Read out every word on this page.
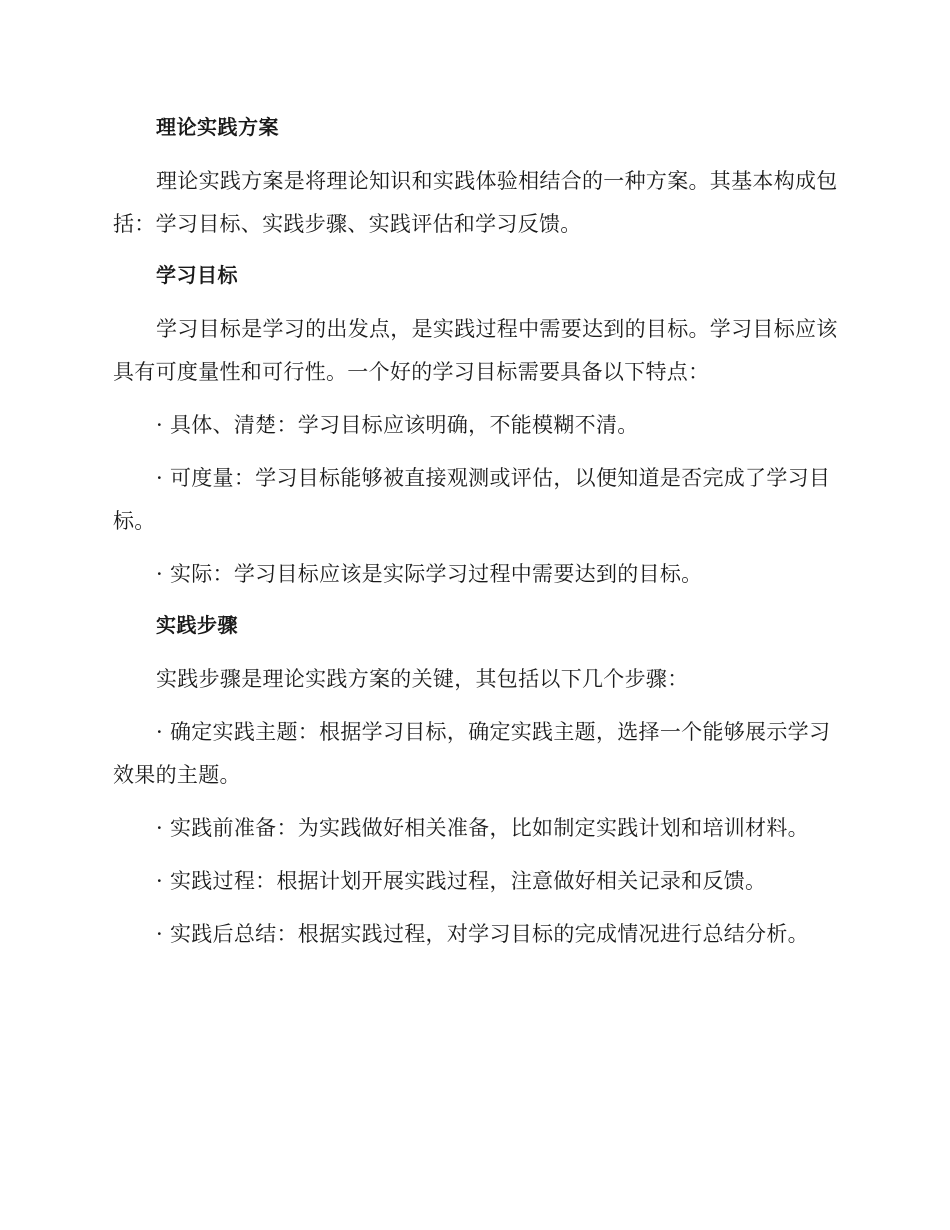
理论实践方案

理论实践方案是将理论知识和实践体验相结合的一种方案。其基本构成包括：学习目标、实践步骤、实践评估和学习反馈。

学习目标

学习目标是学习的出发点，是实践过程中需要达到的目标。学习目标应该具有可度量性和可行性。一个好的学习目标需要具备以下特点：

· 具体、清楚：学习目标应该明确，不能模糊不清。

· 可度量：学习目标能够被直接观测或评估，以便知道是否完成了学习目标。

· 实际：学习目标应该是实际学习过程中需要达到的目标。

实践步骤

实践步骤是理论实践方案的关键，其包括以下几个步骤：

· 确定实践主题：根据学习目标，确定实践主题，选择一个能够展示学习效果的主题。

· 实践前准备：为实践做好相关准备，比如制定实践计划和培训材料。

· 实践过程：根据计划开展实践过程，注意做好相关记录和反馈。

· 实践后总结：根据实践过程，对学习目标的完成情况进行总结分析。
